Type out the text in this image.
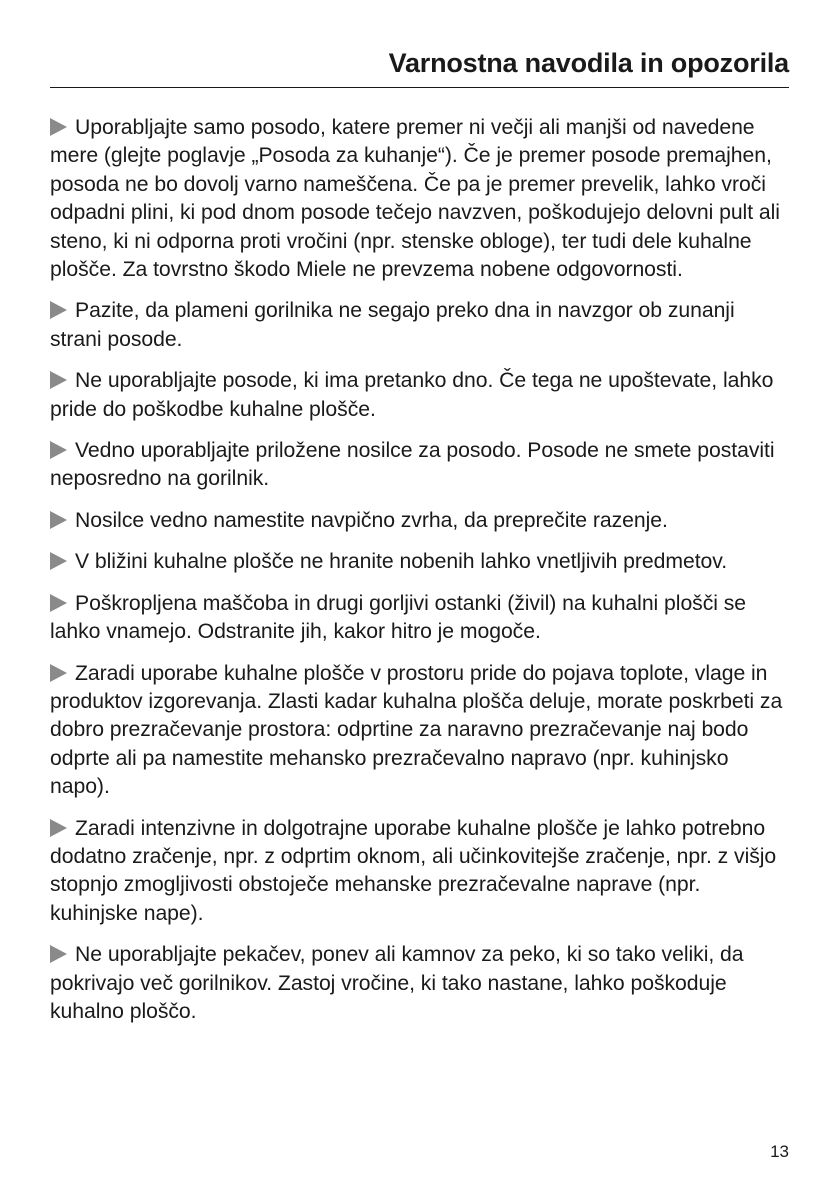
Varnostna navodila in opozorila

Uporabljajte samo posodo, katere premer ni večji ali manjši od navedene mere (glejte poglavje „Posoda za kuhanje“). Če je premer posode premajhen, posoda ne bo dovolj varno nameščena. Če pa je premer prevelik, lahko vroči odpadni plini, ki pod dnom posode tečejo navzven, poškodujejo delovni pult ali steno, ki ni odporna proti vročini (npr. stenske obloge), ter tudi dele kuhalne plošče. Za tovrstno škodo Miele ne prevzema nobene odgovornosti.

Pazite, da plameni gorilnika ne segajo preko dna in navzgor ob zunanji strani posode.

Ne uporabljajte posode, ki ima pretanko dno. Če tega ne upoštevate, lahko pride do poškodbe kuhalne plošče.

Vedno uporabljajte priložene nosilce za posodo. Posode ne smete postaviti neposredno na gorilnik.

Nosilce vedno namestite navpično zvrha, da preprečite razenje.

V bližini kuhalne plošče ne hranite nobenih lahko vnetljivih predmetov.

Poškropljena maščoba in drugi gorljivi ostanki (živil) na kuhalni plošči se lahko vnamejo. Odstranite jih, kakor hitro je mogoče.

Zaradi uporabe kuhalne plošče v prostoru pride do pojava toplote, vlage in produktov izgorevanja. Zlasti kadar kuhalna plošča deluje, morate poskrbeti za dobro prezračevanje prostora: odprtine za naravno prezračevanje naj bodo odprte ali pa namestite mehansko prezračevalno napravo (npr. kuhinjsko napo).

Zaradi intenzivne in dolgotrajne uporabe kuhalne plošče je lahko potrebno dodatno zračenje, npr. z odprtim oknom, ali učinkovitejše zračenje, npr. z višjo stopnjo zmogljivosti obstoječe mehanske prezračevalne naprave (npr. kuhinjske nape).

Ne uporabljajte pekačev, ponev ali kamnov za peko, ki so tako veliki, da pokrivajo več gorilnikov. Zastoj vročine, ki tako nastane, lahko poškoduje kuhalno ploščo.

13
